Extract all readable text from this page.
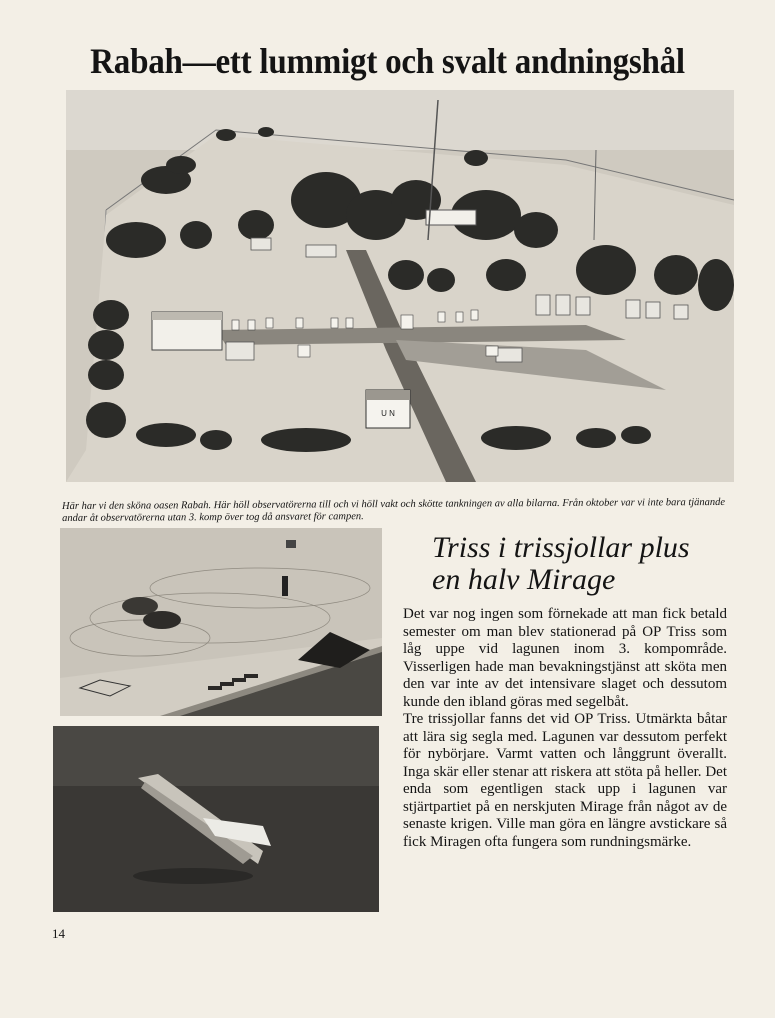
Rabah—ett lummigt och svalt andningshål
U N

Här har vi den sköna oasen Rabah. Här höll observatörerna till och vi höll vakt och skötte tankningen av alla bilarna. Från oktober var vi inte bara tjänande andar åt observatörerna utan 3. komp över tog då ansvaret för campen.

Triss i trissjollar plus
en halv Mirage

Det var nog ingen som förnekade att man fick betald semester om man blev stationerad på OP Triss som låg uppe vid lagunen inom 3. kompområde. Visserligen hade man bevakningstjänst att sköta men den var inte av det intensivare slaget och dessutom kunde den ibland göras med segelbåt.

Tre trissjollar fanns det vid OP Triss. Utmärkta båtar att lära sig segla med. Lagunen var dessutom perfekt för nybörjare. Varmt vatten och långgrunt överallt. Inga skär eller stenar att riskera att stöta på heller. Det enda som egentligen stack upp i lagunen var stjärtpartiet på en nerskjuten Mirage från något av de senaste krigen. Ville man göra en längre avstickare så fick Miragen ofta fungera som rundningsmärke.

14
